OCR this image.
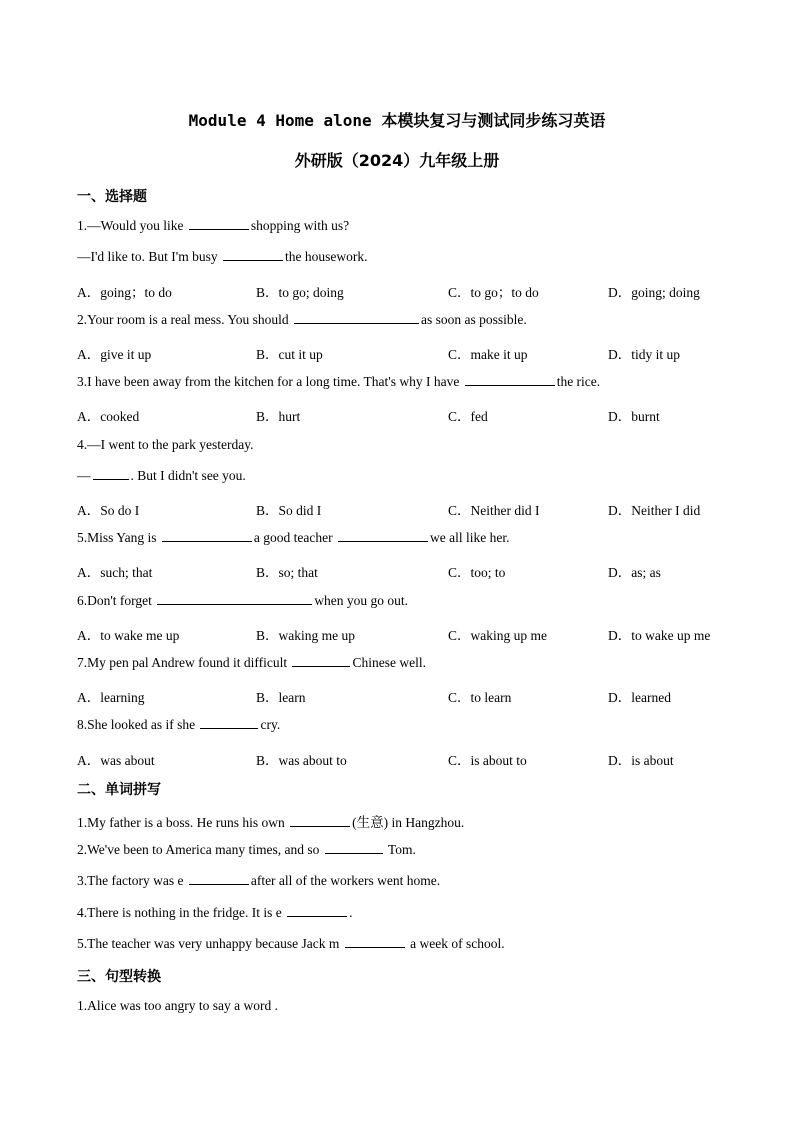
Module 4 Home alone 本模块复习与测试同步练习英语
外研版（2024）九年级上册
一、选择题
1.—Would you like	shopping with us?
—I'd like to. But I'm busy	the housework.
A．going；to do	B．to go; doing	C．to go；to do	D．going; doing
2.Your room is a real mess. You should	as soon as possible.
A．give it up	B．cut it up	C．make it up	D．tidy it up
3.I have been away from the kitchen for a long time. That's why I have	the rice.
A．cooked	B．hurt	C．fed	D．burnt
4.—I went to the park yesterday.
—	. But I didn't see you.
A．So do I	B．So did I	C．Neither did I	D．Neither I did
5.Miss Yang is	a good teacher	we all like her.
A．such; that	B．so; that	C．too; to	D．as; as
6.Don't forget	when you go out.
A．to wake me up	B．waking me up	C．waking up me	D．to wake up me
7.My pen pal Andrew found it difficult	Chinese well.
A．learning	B．learn	C．to learn	D．learned
8.She looked as if she	cry.
A．was about	B．was about to	C．is about to	D．is about
二、单词拼写
1.My father is a boss. He runs his own	(生意) in Hangzhou.
2.We've been to America many times, and so	Tom.
3.The factory was e	after all of the workers went home.
4.There is nothing in the fridge. It is e	.
5.The teacher was very unhappy because Jack m	a week of school.
三、句型转换
1.Alice was too angry to say a word .
